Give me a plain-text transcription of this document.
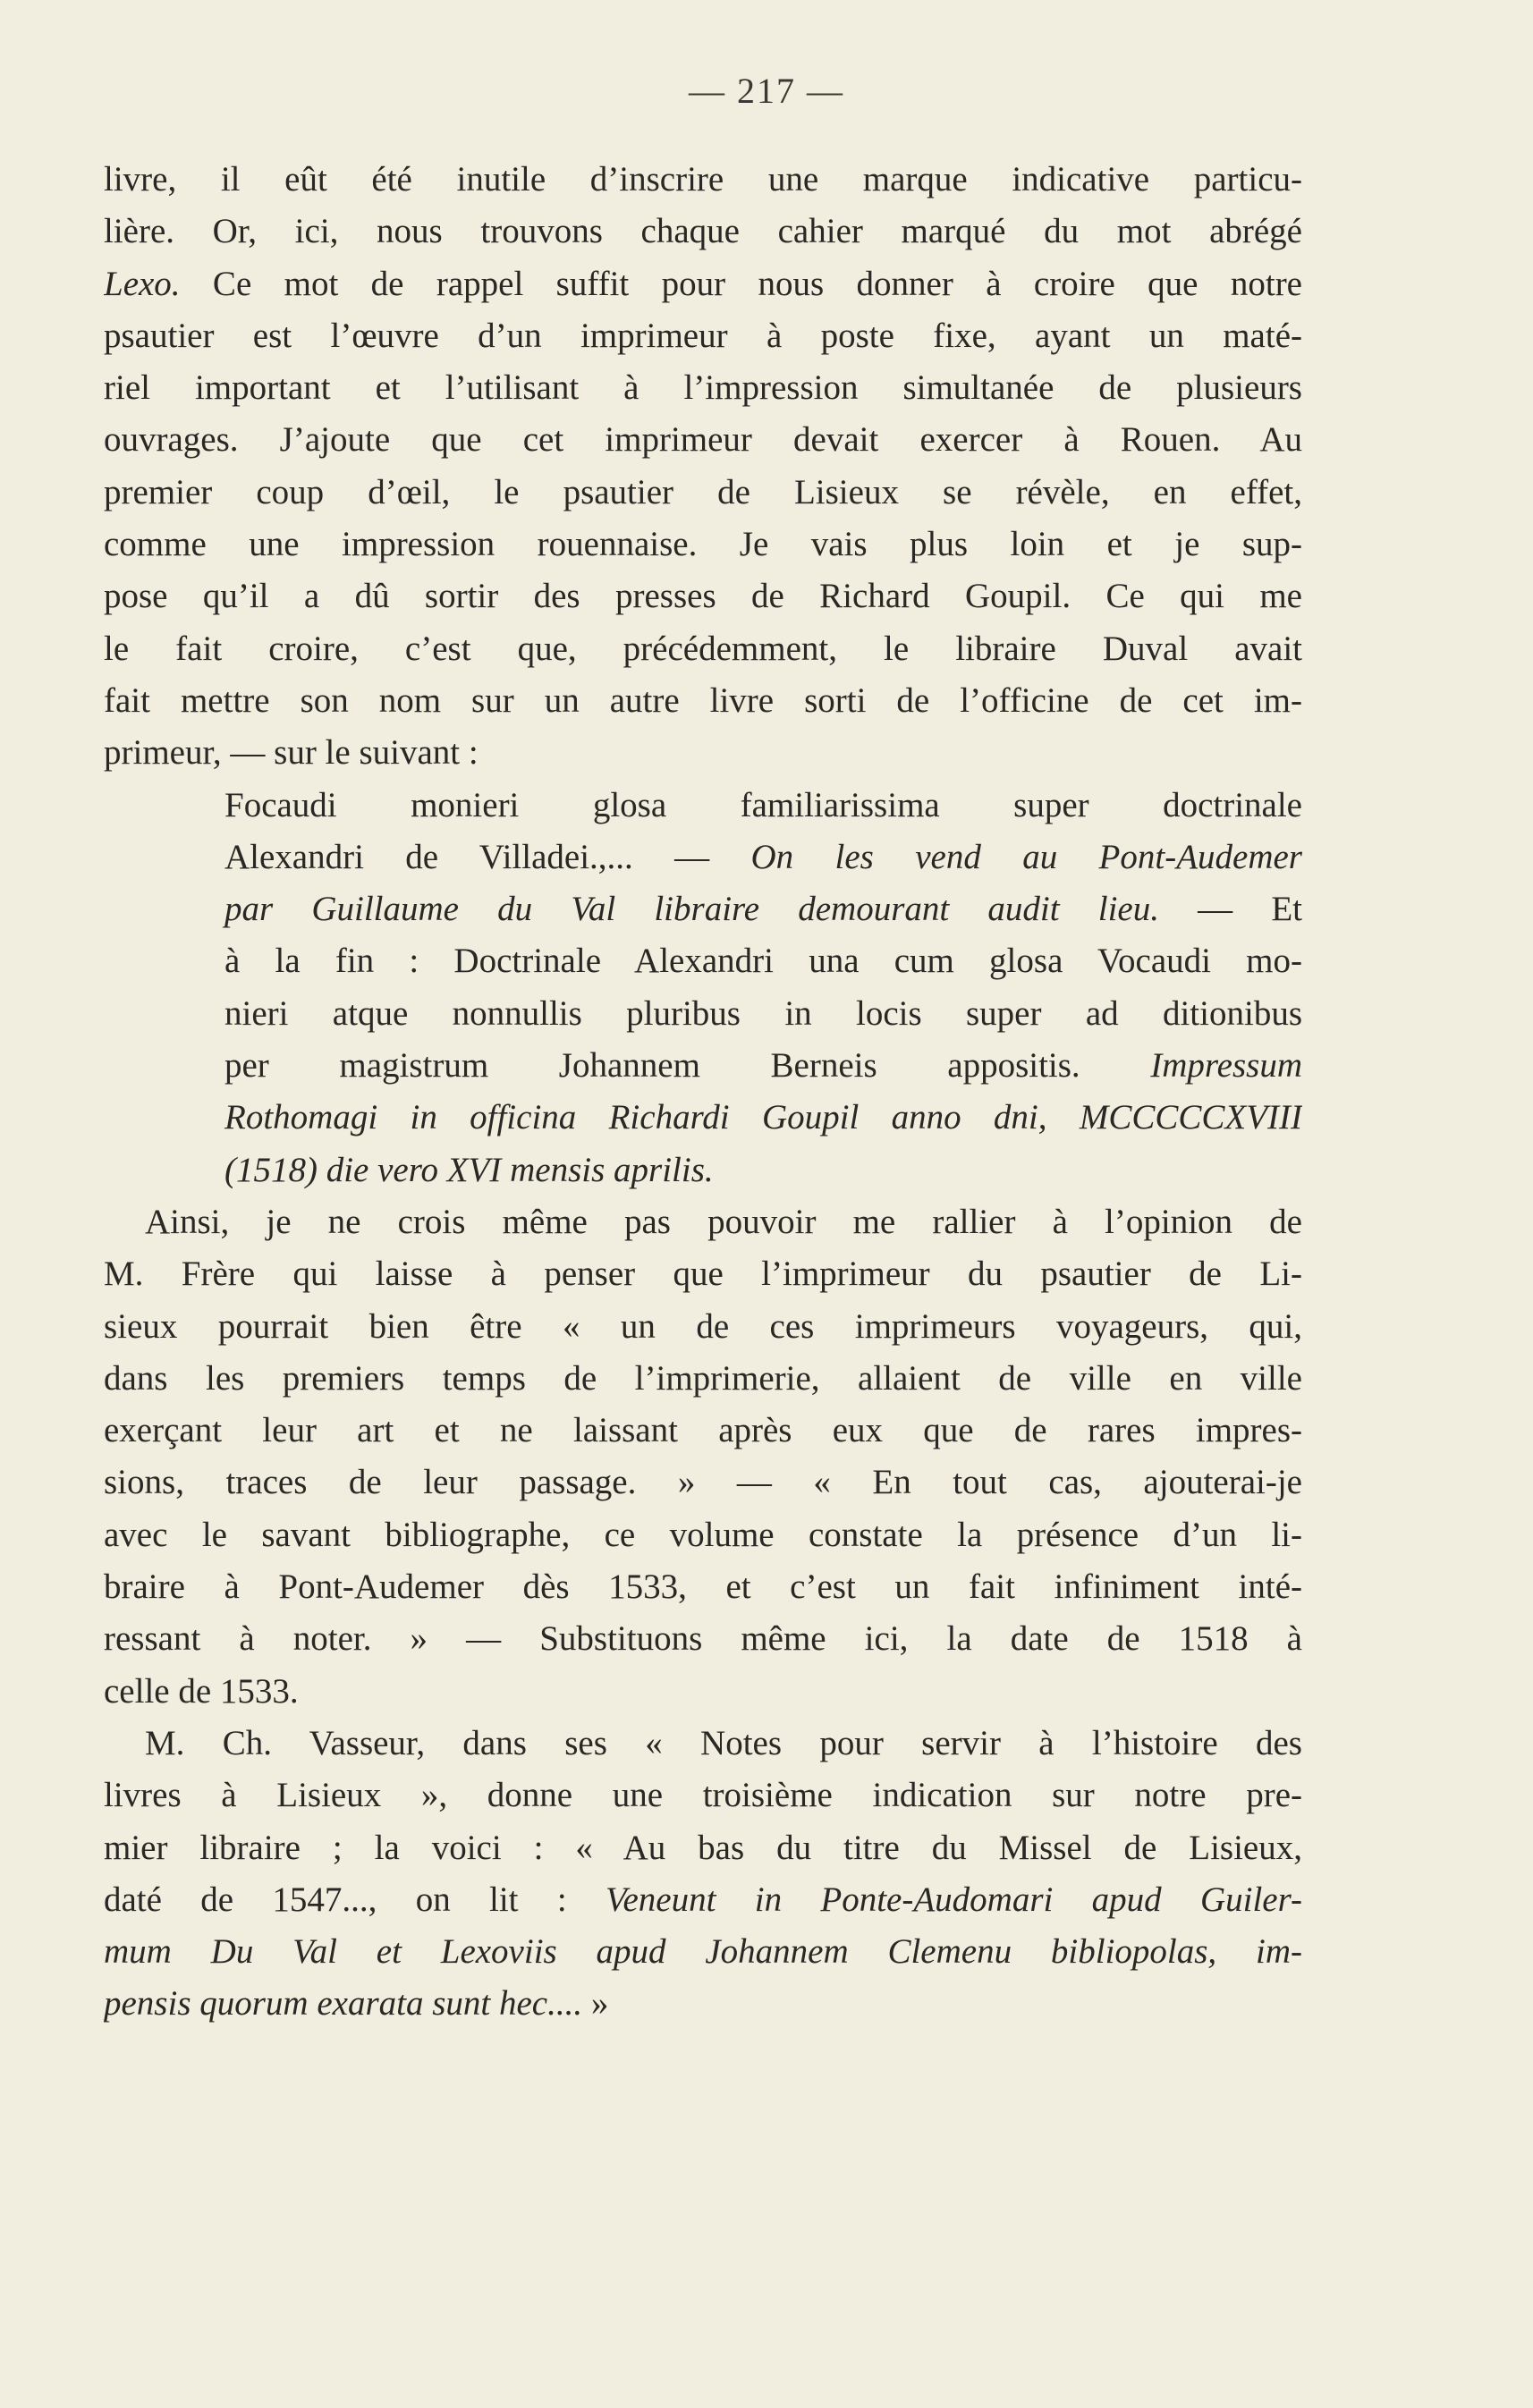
— 217 —
livre, il eût été inutile d’inscrire une marque indicative particu-
lière. Or, ici, nous trouvons chaque cahier marqué du mot abrégé
Lexo. Ce mot de rappel suffit pour nous donner à croire que notre
psautier est l’œuvre d’un imprimeur à poste fixe, ayant un maté-
riel important et l’utilisant à l’impression simultanée de plusieurs
ouvrages. J’ajoute que cet imprimeur devait exercer à Rouen. Au
premier coup d’œil, le psautier de Lisieux se révèle, en effet,
comme une impression rouennaise. Je vais plus loin et je sup-
pose qu’il a dû sortir des presses de Richard Goupil. Ce qui me
le fait croire, c’est que, précédemment, le libraire Duval avait
fait mettre son nom sur un autre livre sorti de l’officine de cet im-
primeur, — sur le suivant :
Focaudi monieri glosa familiarissima super doctrinale
Alexandri de Villadei.,... — On les vend au Pont-Audemer
par Guillaume du Val libraire demourant audit lieu. — Et
à la fin : Doctrinale Alexandri una cum glosa Vocaudi mo-
nieri atque nonnullis pluribus in locis super ad ditionibus
per magistrum Johannem Berneis appositis. Impressum
Rothomagi in officina Richardi Goupil anno dni, MCCCCCXVIII
(1518) die vero XVI mensis aprilis.
Ainsi, je ne crois même pas pouvoir me rallier à l’opinion de
M. Frère qui laisse à penser que l’imprimeur du psautier de Li-
sieux pourrait bien être « un de ces imprimeurs voyageurs, qui,
dans les premiers temps de l’imprimerie, allaient de ville en ville
exerçant leur art et ne laissant après eux que de rares impres-
sions, traces de leur passage. » — « En tout cas, ajouterai-je
avec le savant bibliographe, ce volume constate la présence d’un li-
braire à Pont-Audemer dès 1533, et c’est un fait infiniment inté-
ressant à noter. » — Substituons même ici, la date de 1518 à
celle de 1533.
M. Ch. Vasseur, dans ses « Notes pour servir à l’histoire des
livres à Lisieux », donne une troisième indication sur notre pre-
mier libraire ; la voici : « Au bas du titre du Missel de Lisieux,
daté de 1547..., on lit : Veneunt in Ponte-Audomari apud Guiler-
mum Du Val et Lexoviis apud Johannem Clemenu bibliopolas, im-
pensis quorum exarata sunt hec.... »
